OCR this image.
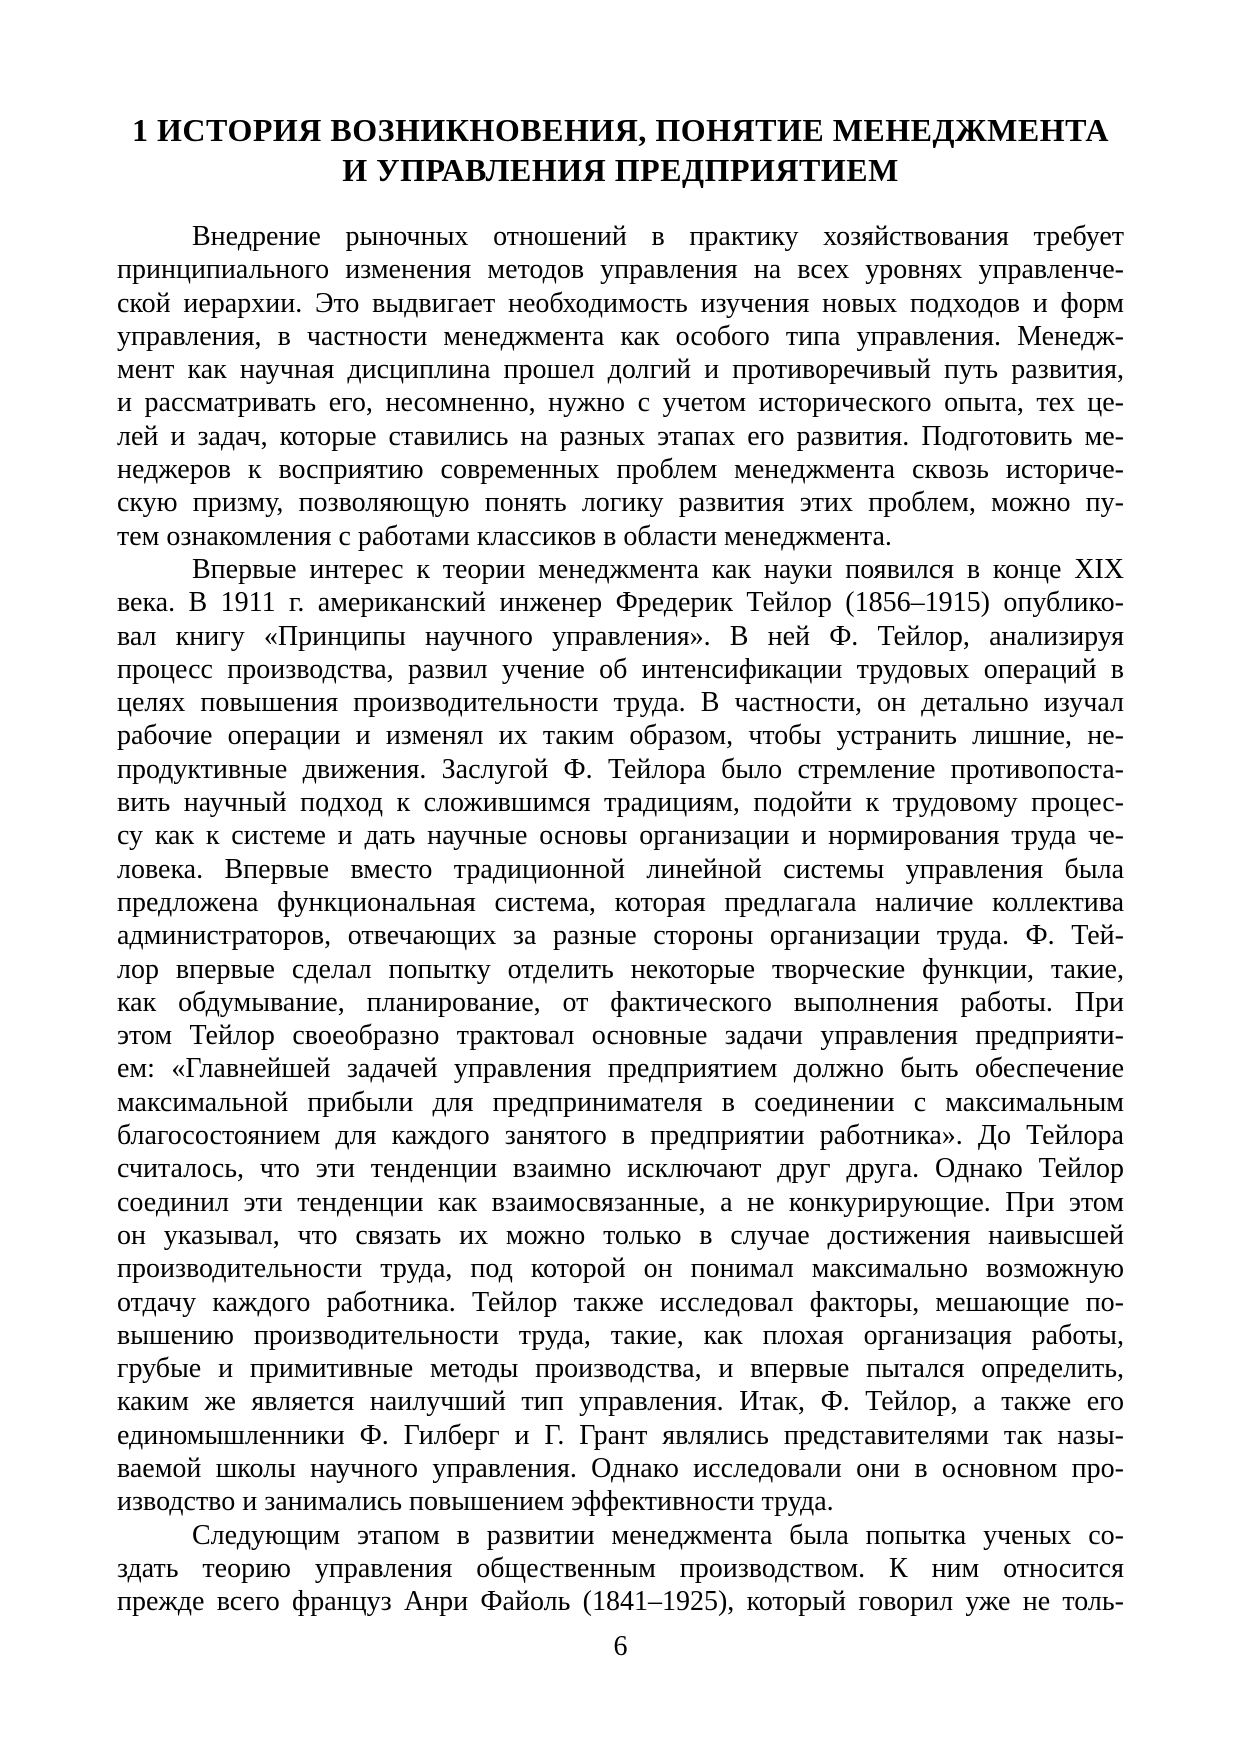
1 ИСТОРИЯ ВОЗНИКНОВЕНИЯ, ПОНЯТИЕ МЕНЕДЖМЕНТА
И УПРАВЛЕНИЯ ПРЕДПРИЯТИЕМ
Внедрение рыночных отношений в практику хозяйствования требует
принципиального изменения методов управления на всех уровнях управленче-
ской иерархии. Это выдвигает необходимость изучения новых подходов и форм
управления, в частности менеджмента как особого типа управления. Менедж-
мент как научная дисциплина прошел долгий и противоречивый путь развития,
и рассматривать его, несомненно, нужно с учетом исторического опыта, тех це-
лей и задач, которые ставились на разных этапах его развития. Подготовить ме-
неджеров к восприятию современных проблем менеджмента сквозь историче-
скую призму, позволяющую понять логику развития этих проблем, можно пу-
тем ознакомления с работами классиков в области менеджмента.
Впервые интерес к теории менеджмента как науки появился в конце XIX
века. В 1911 г. американский инженер Фредерик Тейлор (1856–1915) опублико-
вал книгу «Принципы научного управления». В ней Ф. Тейлор, анализируя
процесс производства, развил учение об интенсификации трудовых операций в
целях повышения производительности труда. В частности, он детально изучал
рабочие операции и изменял их таким образом, чтобы устранить лишние, не-
продуктивные движения. Заслугой Ф. Тейлора было стремление противопоста-
вить научный подход к сложившимся традициям, подойти к трудовому процес-
су как к системе и дать научные основы организации и нормирования труда че-
ловека. Впервые вместо традиционной линейной системы управления была
предложена функциональная система, которая предлагала наличие коллектива
администраторов, отвечающих за разные стороны организации труда. Ф. Тей-
лор впервые сделал попытку отделить некоторые творческие функции, такие,
как обдумывание, планирование, от фактического выполнения работы. При
этом Тейлор своеобразно трактовал основные задачи управления предприяти-
ем: «Главнейшей задачей управления предприятием должно быть обеспечение
максимальной прибыли для предпринимателя в соединении с максимальным
благосостоянием для каждого занятого в предприятии работника». До Тейлора
считалось, что эти тенденции взаимно исключают друг друга. Однако Тейлор
соединил эти тенденции как взаимосвязанные, а не конкурирующие. При этом
он указывал, что связать их можно только в случае достижения наивысшей
производительности труда, под которой он понимал максимально возможную
отдачу каждого работника. Тейлор также исследовал факторы, мешающие по-
вышению производительности труда, такие, как плохая организация работы,
грубые и примитивные методы производства, и впервые пытался определить,
каким же является наилучший тип управления. Итак, Ф. Тейлор, а также его
единомышленники Ф. Гилберг и Г. Грант являлись представителями так назы-
ваемой школы научного управления. Однако исследовали они в основном про-
изводство и занимались повышением эффективности труда.
Следующим этапом в развитии менеджмента была попытка ученых со-
здать теорию управления общественным производством. К ним относится
прежде всего француз Анри Файоль (1841–1925), который говорил уже не толь-
6
